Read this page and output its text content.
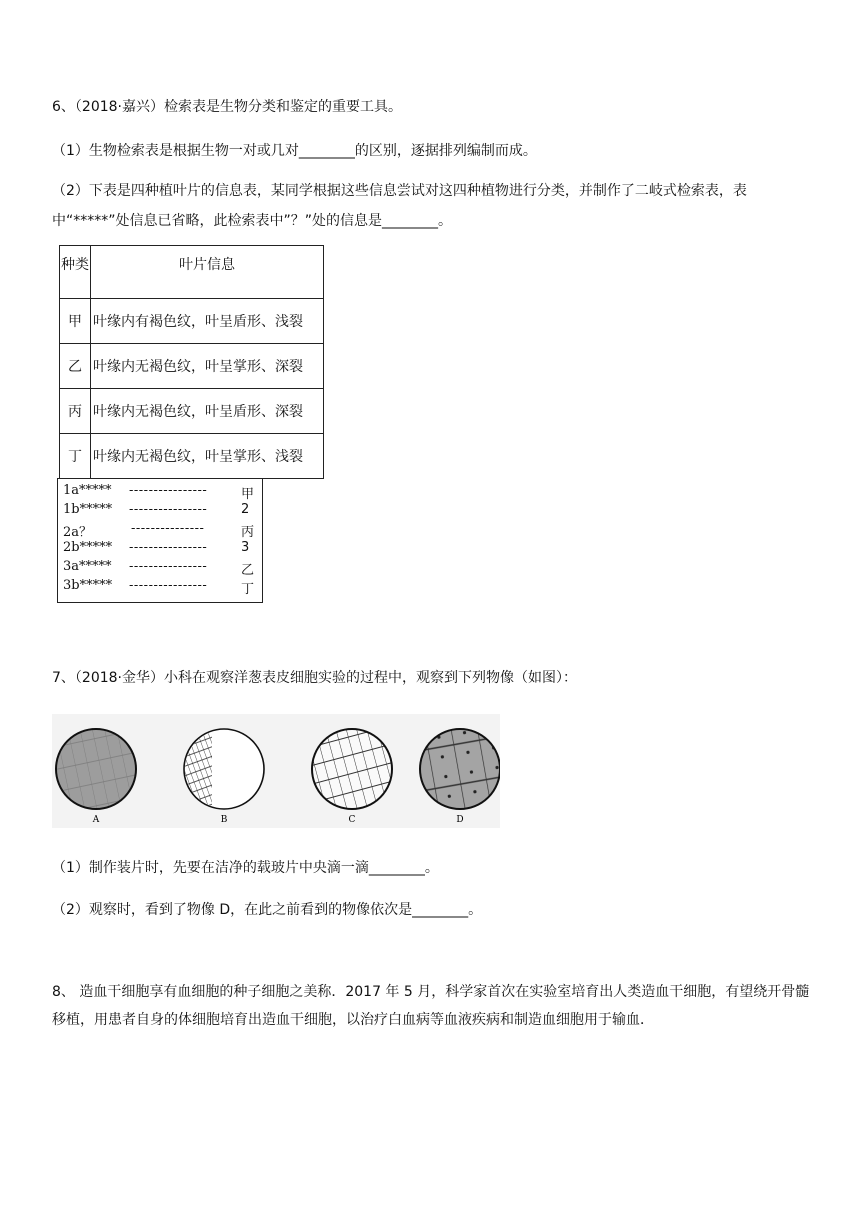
6、（2018·嘉兴）检索表是生物分类和鉴定的重要工具。
（1）生物检索表是根据生物一对或几对________的区别，逐据排列编制而成。
（2）下表是四种植叶片的信息表，某同学根据这些信息尝试对这四种植物进行分类，并制作了二岐式检索表，表
中“*****”处信息已省略，此检索表中”？”处的信息是________。
种类	叶片信息
甲	叶缘内有褐色纹，叶呈盾形、浅裂
乙	叶缘内无褐色纹，叶呈掌形、深裂
丙	叶缘内无褐色纹，叶呈盾形、深裂
丁	叶缘内无褐色纹，叶呈掌形、浅裂
1a***** ----------------	甲
1b***** ----------------	2
2a？	---------------	丙
2b***** ----------------	3
3a***** ----------------	乙
3b***** ----------------	丁
7、（2018·金华）小科在观察洋葱表皮细胞实验的过程中，观察到下列物像（如图）：
A	B	C	D
（1）制作装片时，先要在洁净的载玻片中央滴一滴________。
（2）观察时，看到了物像 D，在此之前看到的物像依次是________。
8、 造血干细胞享有血细胞的种子细胞之美称．2017 年 5 月，科学家首次在实验室培育出人类造血干细胞，有望绕开骨髓移植，用患者自身的体细胞培育出造血干细胞，以治疗白血病等血液疾病和制造血细胞用于输血．
